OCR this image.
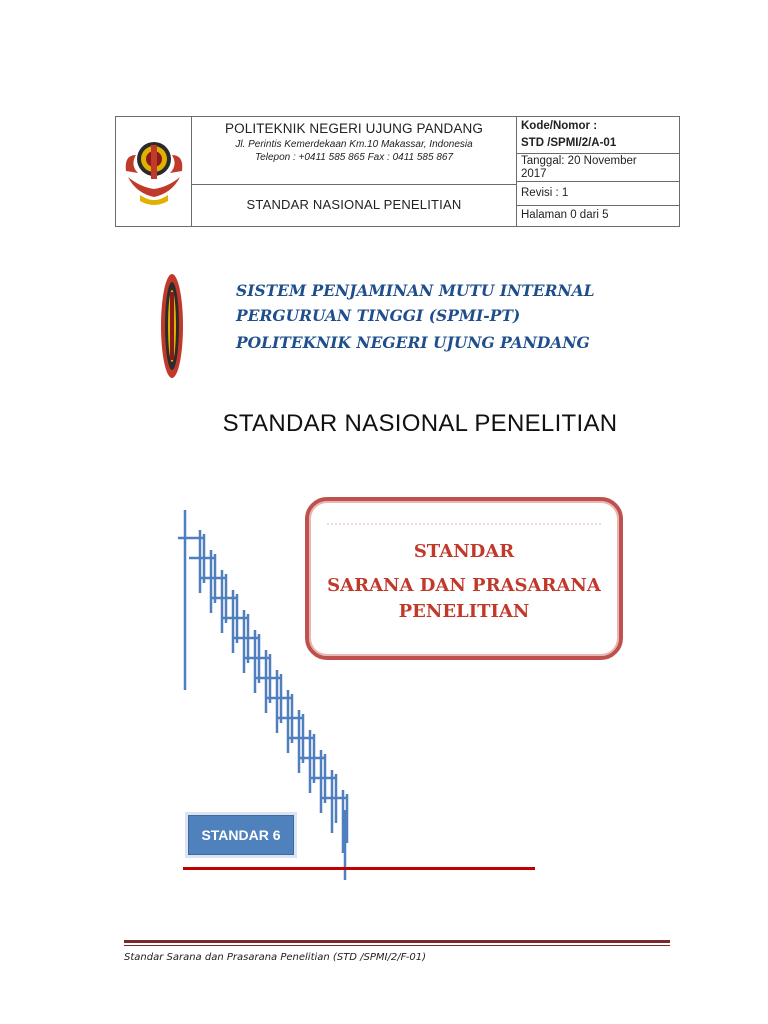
POLITEKNIK NEGERI UJUNG PANDANG
Jl. Perintis Kemerdekaan Km.10 Makassar, Indonesia
Telepon : +0411 585 865 Fax : 0411 585 867
STANDAR NASIONAL PENELITIAN
Kode/Nomor :
STD /SPMI/2/A-01
Tanggal: 20 November
2017
Revisi : 1
Halaman 0 dari 5
SISTEM PENJAMINAN MUTU INTERNAL
PERGURUAN TINGGI (SPMI-PT)
POLITEKNIK NEGERI UJUNG PANDANG
STANDAR NASIONAL PENELITIAN
STANDAR
SARANA DAN PRASARANA
PENELITIAN
STANDAR 6
Standar Sarana dan Prasarana Penelitian (STD /SPMI/2/F-01)
